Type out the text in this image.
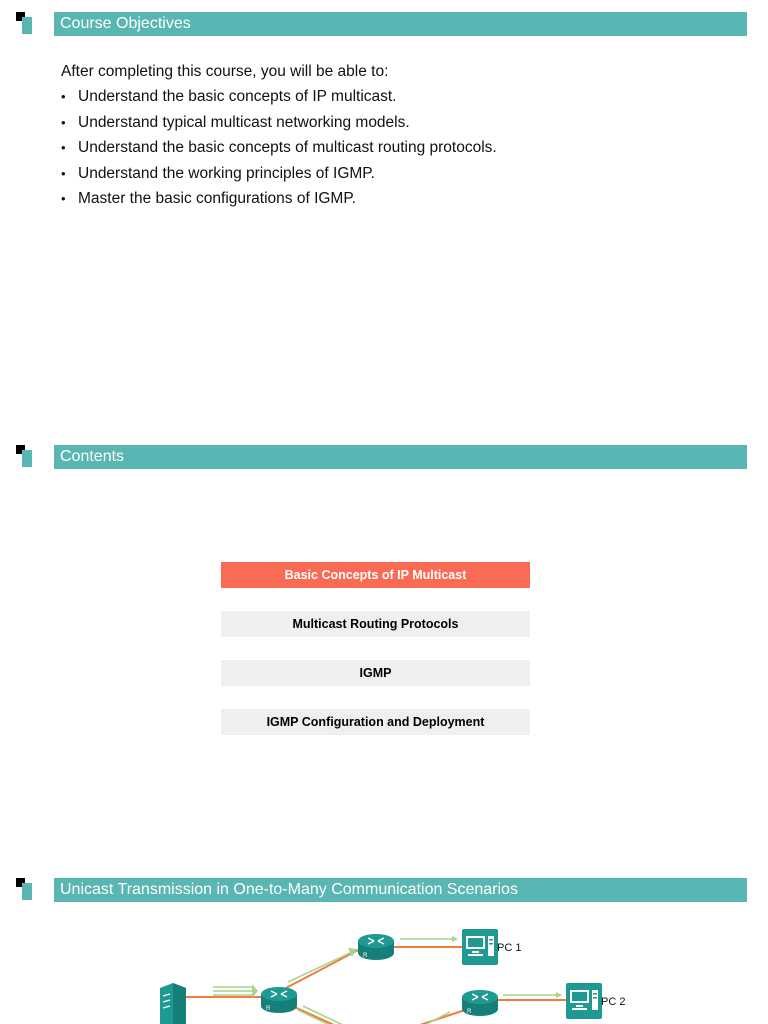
Course Objectives
After completing this course, you will be able to:
• Understand the basic concepts of IP multicast.
• Understand typical multicast networking models.
• Understand the basic concepts of multicast routing protocols.
• Understand the working principles of IGMP.
• Master the basic configurations of IGMP.
Contents
Basic Concepts of IP Multicast
Multicast Routing Protocols
IGMP
IGMP Configuration and Deployment
Unicast Transmission in One-to-Many Communication Scenarios
R
R
R
PC 1
PC 2
